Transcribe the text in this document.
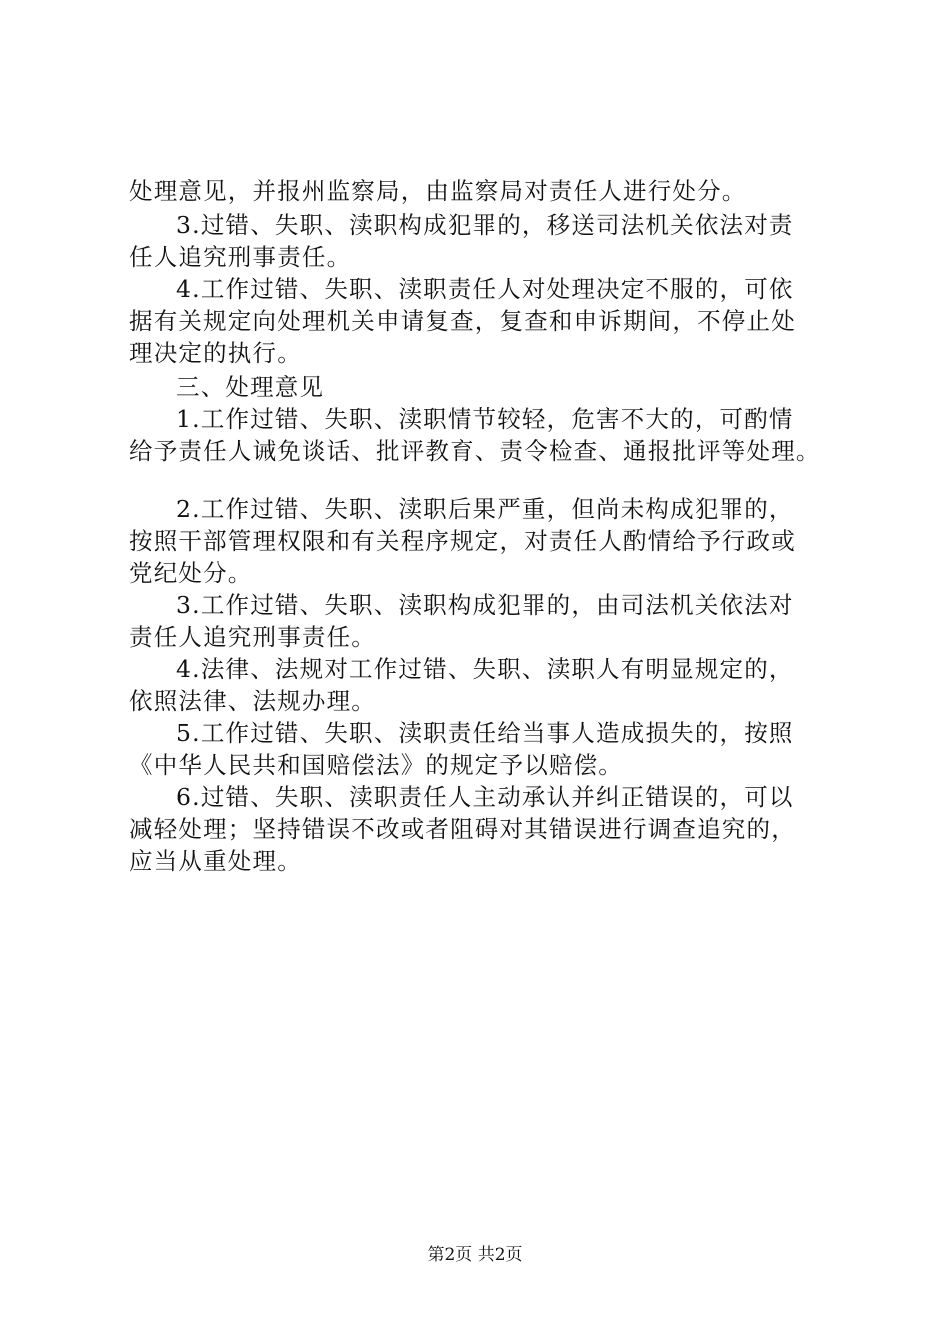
处理意见，并报州监察局，由监察局对责任人进行处分。
3.过错、失职、渎职构成犯罪的，移送司法机关依法对责
任人追究刑事责任。
4.工作过错、失职、渎职责任人对处理决定不服的，可依
据有关规定向处理机关申请复查，复查和申诉期间，不停止处
理决定的执行。
三、处理意见
1.工作过错、失职、渎职情节较轻，危害不大的，可酌情
给予责任人诫免谈话、批评教育、责令检查、通报批评等处理。
2.工作过错、失职、渎职后果严重，但尚未构成犯罪的，
按照干部管理权限和有关程序规定，对责任人酌情给予行政或
党纪处分。
3.工作过错、失职、渎职构成犯罪的，由司法机关依法对
责任人追究刑事责任。
4.法律、法规对工作过错、失职、渎职人有明显规定的，
依照法律、法规办理。
5.工作过错、失职、渎职责任给当事人造成损失的，按照
《中华人民共和国赔偿法》的规定予以赔偿。
6.过错、失职、渎职责任人主动承认并纠正错误的，可以
减轻处理；坚持错误不改或者阻碍对其错误进行调查追究的，
应当从重处理。
第2页 共2页
